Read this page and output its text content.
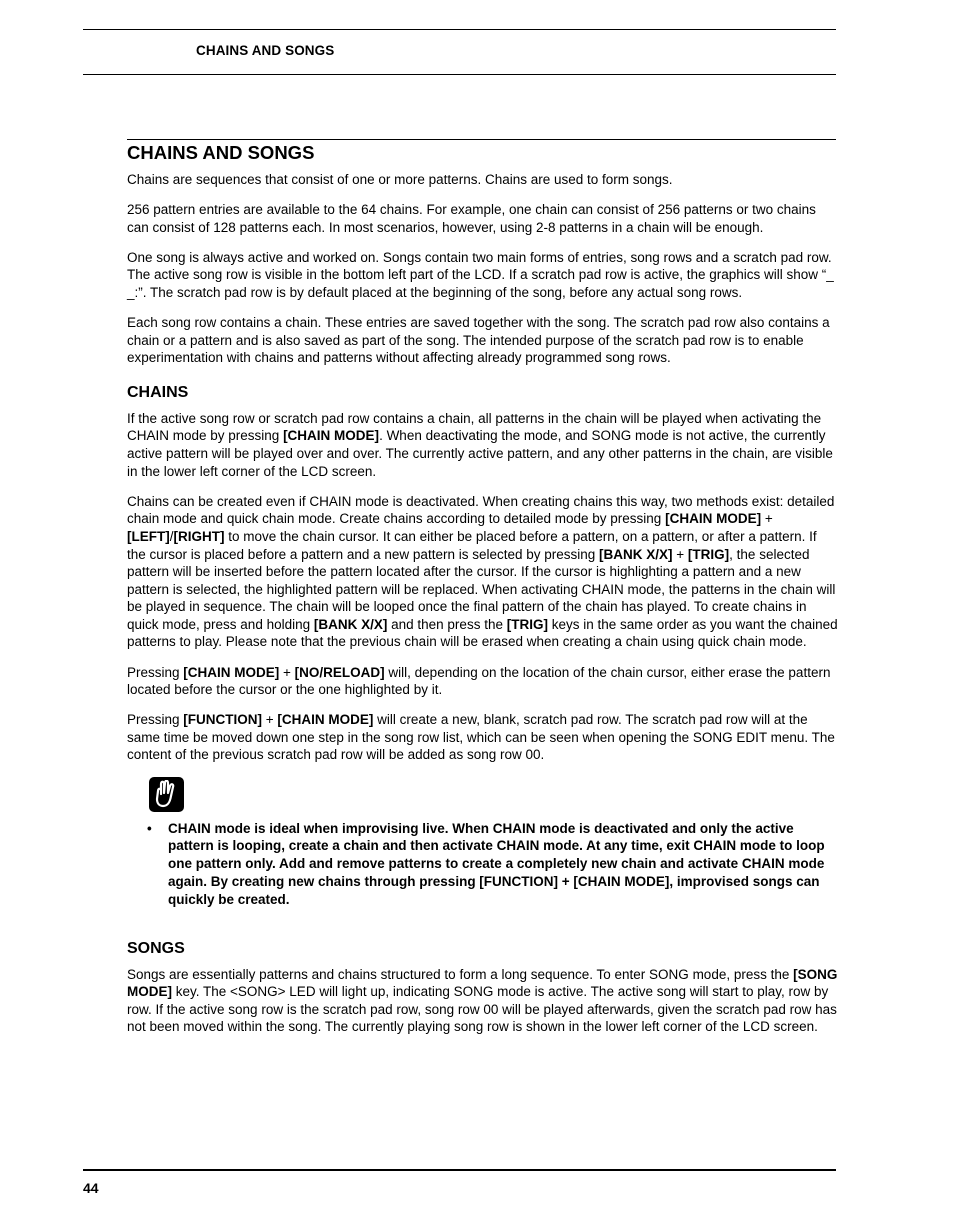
CHAINS AND SONGS
CHAINS AND SONGS

Chains are sequences that consist of one or more patterns. Chains are used to form songs.

256 pattern entries are available to the 64 chains. For example, one chain can consist of 256 patterns or two chains can consist of 128 patterns each. In most scenarios, however, using 2-8 patterns in a chain will be enough.

One song is always active and worked on. Songs contain two main forms of entries, song rows and a scratch pad row. The active song row is visible in the bottom left part of the LCD. If a scratch pad row is active, the graphics will show “_ _:”. The scratch pad row is by default placed at the beginning of the song, before any actual song rows.

Each song row contains a chain. These entries are saved together with the song. The scratch pad row also contains a chain or a pattern and is also saved as part of the song. The intended purpose of the scratch pad row is to enable experimentation with chains and patterns without affecting already programmed song rows.

CHAINS

If the active song row or scratch pad row contains a chain, all patterns in the chain will be played when activating the CHAIN mode by pressing [CHAIN MODE]. When deactivating the mode, and SONG mode is not active, the currently active pattern will be played over and over. The currently active pattern, and any other patterns in the chain, are visible in the lower left corner of the LCD screen.

Chains can be created even if CHAIN mode is deactivated. When creating chains this way, two methods exist: detailed chain mode and quick chain mode. Create chains according to detailed mode by pressing [CHAIN MODE] + [LEFT]/[RIGHT] to move the chain cursor. It can either be placed before a pattern, on a pattern, or after a pattern. If the cursor is placed before a pattern and a new pattern is selected by pressing [BANK X/X] + [TRIG], the selected pattern will be inserted before the pattern located after the cursor. If the cursor is highlighting a pattern and a new pattern is selected, the highlighted pattern will be replaced. When activating CHAIN mode, the patterns in the chain will be played in sequence. The chain will be looped once the final pattern of the chain has played. To create chains in quick mode, press and holding [BANK X/X] and then press the [TRIG] keys in the same order as you want the chained patterns to play. Please note that the previous chain will be erased when creating a chain using quick chain mode.

Pressing [CHAIN MODE] + [NO/RELOAD] will, depending on the location of the chain cursor, either erase the pattern located before the cursor or the one highlighted by it.

Pressing [FUNCTION] + [CHAIN MODE] will create a new, blank, scratch pad row. The scratch pad row will at the same time be moved down one step in the song row list, which can be seen when opening the SONG EDIT menu. The content of the previous scratch pad row will be added as song row 00.

• CHAIN mode is ideal when improvising live. When CHAIN mode is deactivated and only the active pattern is looping, create a chain and then activate CHAIN mode. At any time, exit CHAIN mode to loop one pattern only. Add and remove patterns to create a completely new chain and activate CHAIN mode again. By creating new chains through pressing [FUNCTION] + [CHAIN MODE], improvised songs can quickly be created.
SONGS

Songs are essentially patterns and chains structured to form a long sequence. To enter SONG mode, press the [SONG MODE] key. The <SONG> LED will light up, indicating SONG mode is active. The active song will start to play, row by row. If the active song row is the scratch pad row, song row 00 will be played afterwards, given the scratch pad row has not been moved within the song. The currently playing song row is shown in the lower left corner of the LCD screen.

44
